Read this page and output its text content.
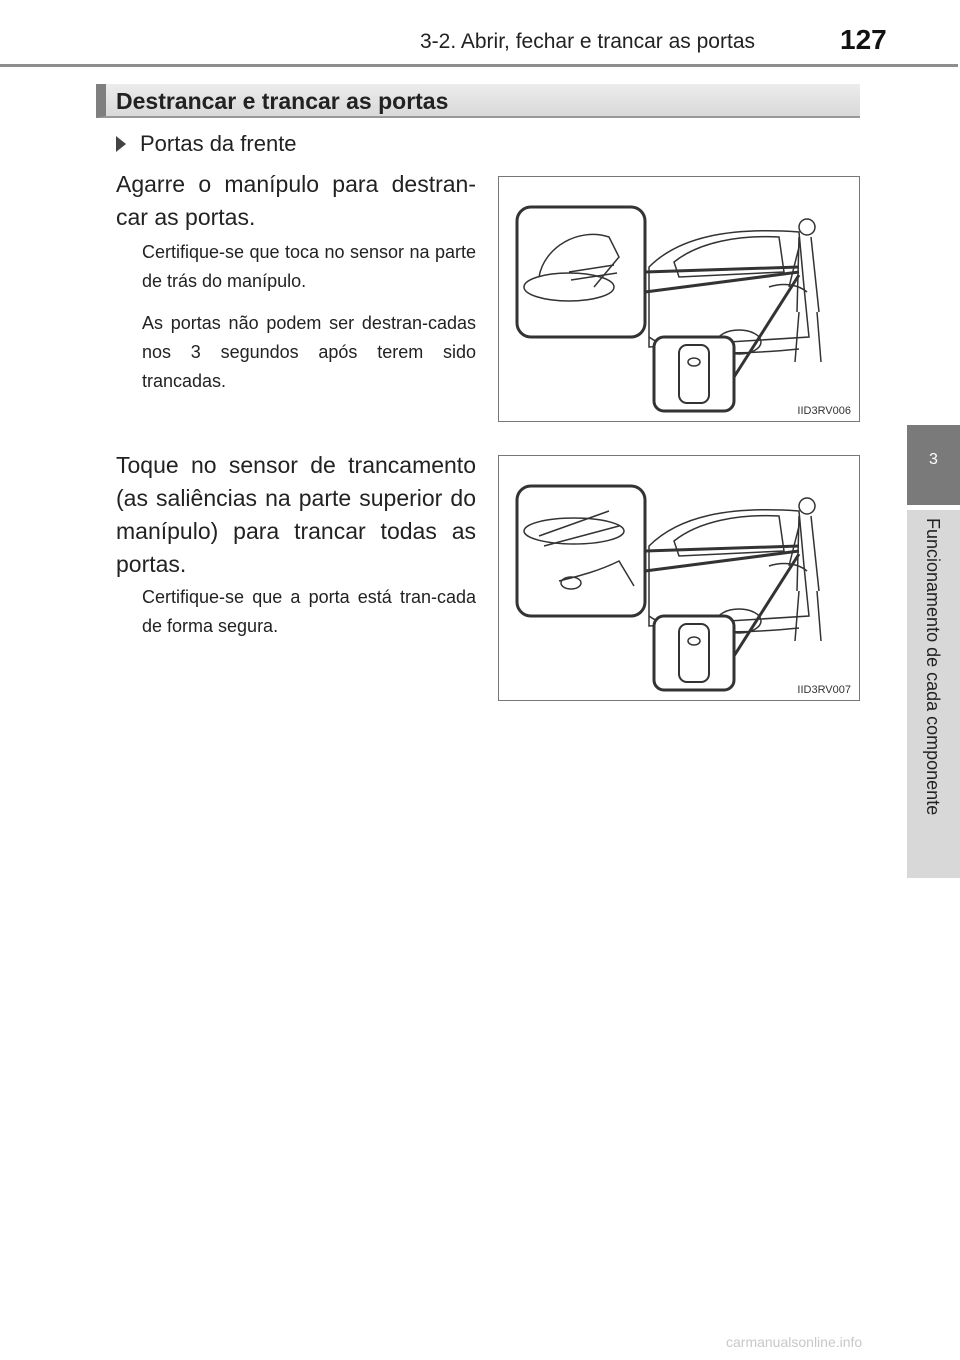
3-2. Abrir, fechar e trancar as portas	127
Destrancar e trancar as portas
Portas da frente
Agarre o manípulo para destran-car as portas.
Certifique-se que toca no sensor na parte de trás do manípulo.
As portas não podem ser destran-cadas nos 3 segundos após terem sido trancadas.
Toque no sensor de trancamento (as saliências na parte superior do manípulo) para trancar todas as portas.
Certifique-se que a porta está tran-cada de forma segura.
IID3RV006
IID3RV007
3
Funcionamento de cada componente
carmanualsonline.info
